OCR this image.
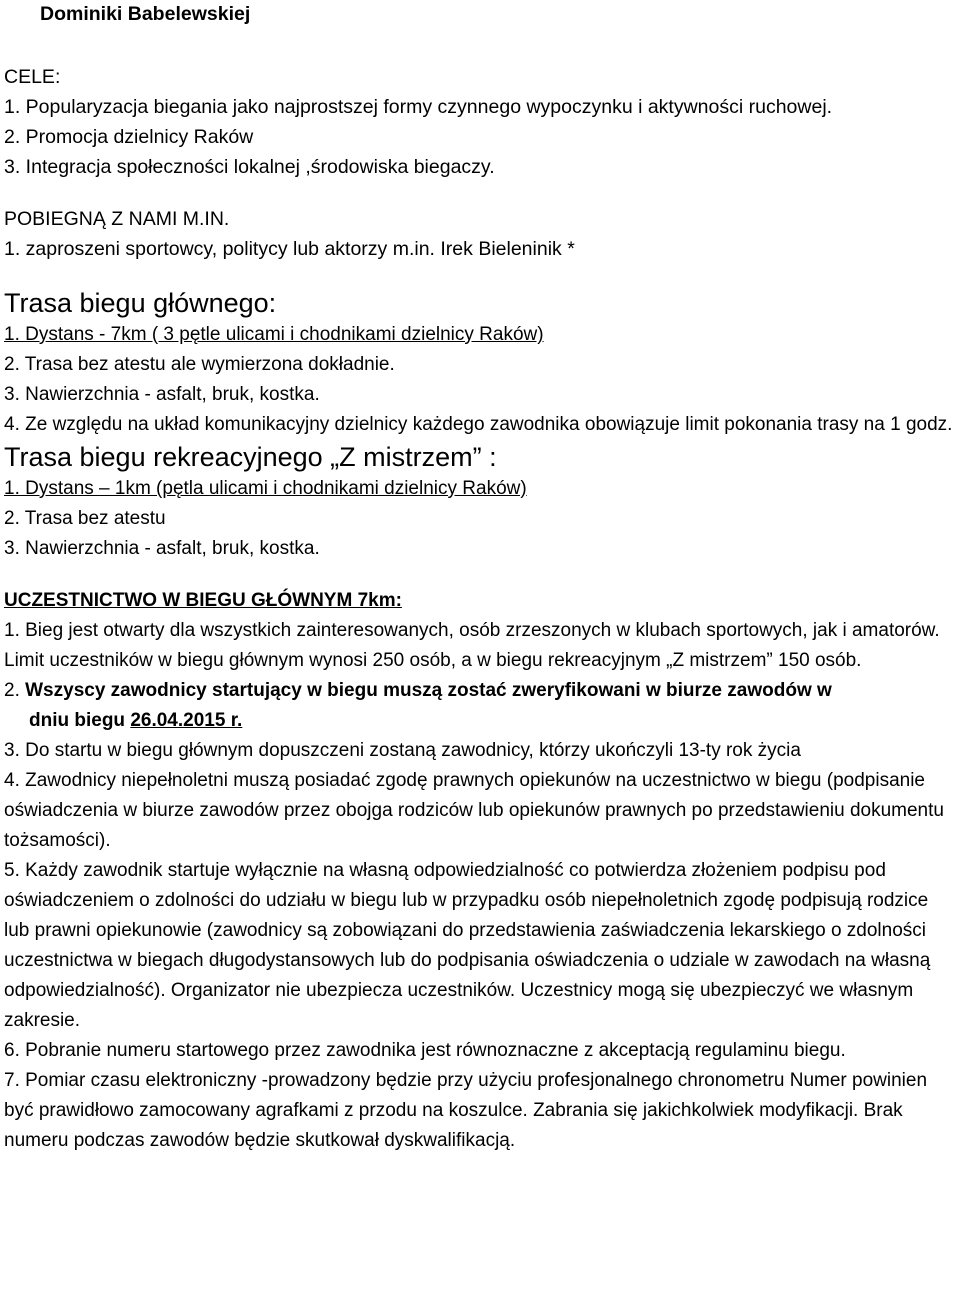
Dominiki Babelewskiej
CELE:
1. Popularyzacja biegania jako najprostszej formy czynnego wypoczynku i aktywności ruchowej.
2. Promocja dzielnicy Raków
3. Integracja społeczności lokalnej ,środowiska biegaczy.
POBIEGNĄ Z NAMI M.IN.
1. zaproszeni sportowcy, politycy lub aktorzy m.in. Irek Bieleninik *
Trasa biegu głównego:
1. Dystans - 7km ( 3 pętle ulicami i chodnikami dzielnicy Raków)
2. Trasa bez atestu ale wymierzona dokładnie.
3. Nawierzchnia - asfalt, bruk, kostka.
4. Ze względu na układ komunikacyjny dzielnicy każdego zawodnika obowiązuje limit pokonania trasy na 1 godz.
Trasa biegu rekreacyjnego „Z mistrzem” :
1. Dystans – 1km (pętla ulicami i chodnikami dzielnicy Raków)
2. Trasa bez atestu
3. Nawierzchnia - asfalt, bruk, kostka.
UCZESTNICTWO W BIEGU GŁÓWNYM 7km:
1. Bieg jest otwarty dla wszystkich zainteresowanych, osób zrzeszonych w klubach sportowych, jak i amatorów. Limit uczestników w biegu głównym wynosi 250 osób, a w biegu rekreacyjnym „Z mistrzem” 150 osób.
2. Wszyscy zawodnicy startujący w biegu muszą zostać zweryfikowani w biurze zawodów w
dniu biegu 26.04.2015 r.
3. Do startu w biegu głównym dopuszczeni zostaną zawodnicy, którzy ukończyli 13-ty rok życia
4. Zawodnicy niepełnoletni muszą posiadać zgodę prawnych opiekunów na uczestnictwo w biegu (podpisanie oświadczenia w biurze zawodów przez obojga rodziców lub opiekunów prawnych po przedstawieniu dokumentu tożsamości).
5. Każdy zawodnik startuje wyłącznie na własną odpowiedzialność co potwierdza złożeniem podpisu pod oświadczeniem o zdolności do udziału w biegu lub w przypadku osób niepełnoletnich zgodę podpisują rodzice lub prawni opiekunowie (zawodnicy są zobowiązani do przedstawienia zaświadczenia lekarskiego o zdolności uczestnictwa w biegach długodystansowych lub do podpisania oświadczenia o udziale w zawodach na własną odpowiedzialność). Organizator nie ubezpiecza uczestników. Uczestnicy mogą się ubezpieczyć we własnym zakresie.
6. Pobranie numeru startowego przez zawodnika jest równoznaczne z akceptacją regulaminu biegu.
7. Pomiar czasu elektroniczny -prowadzony będzie przy użyciu profesjonalnego chronometru Numer powinien być prawidłowo zamocowany agrafkami z przodu na koszulce. Zabrania się jakichkolwiek modyfikacji. Brak numeru podczas zawodów będzie skutkował dyskwalifikacją.
